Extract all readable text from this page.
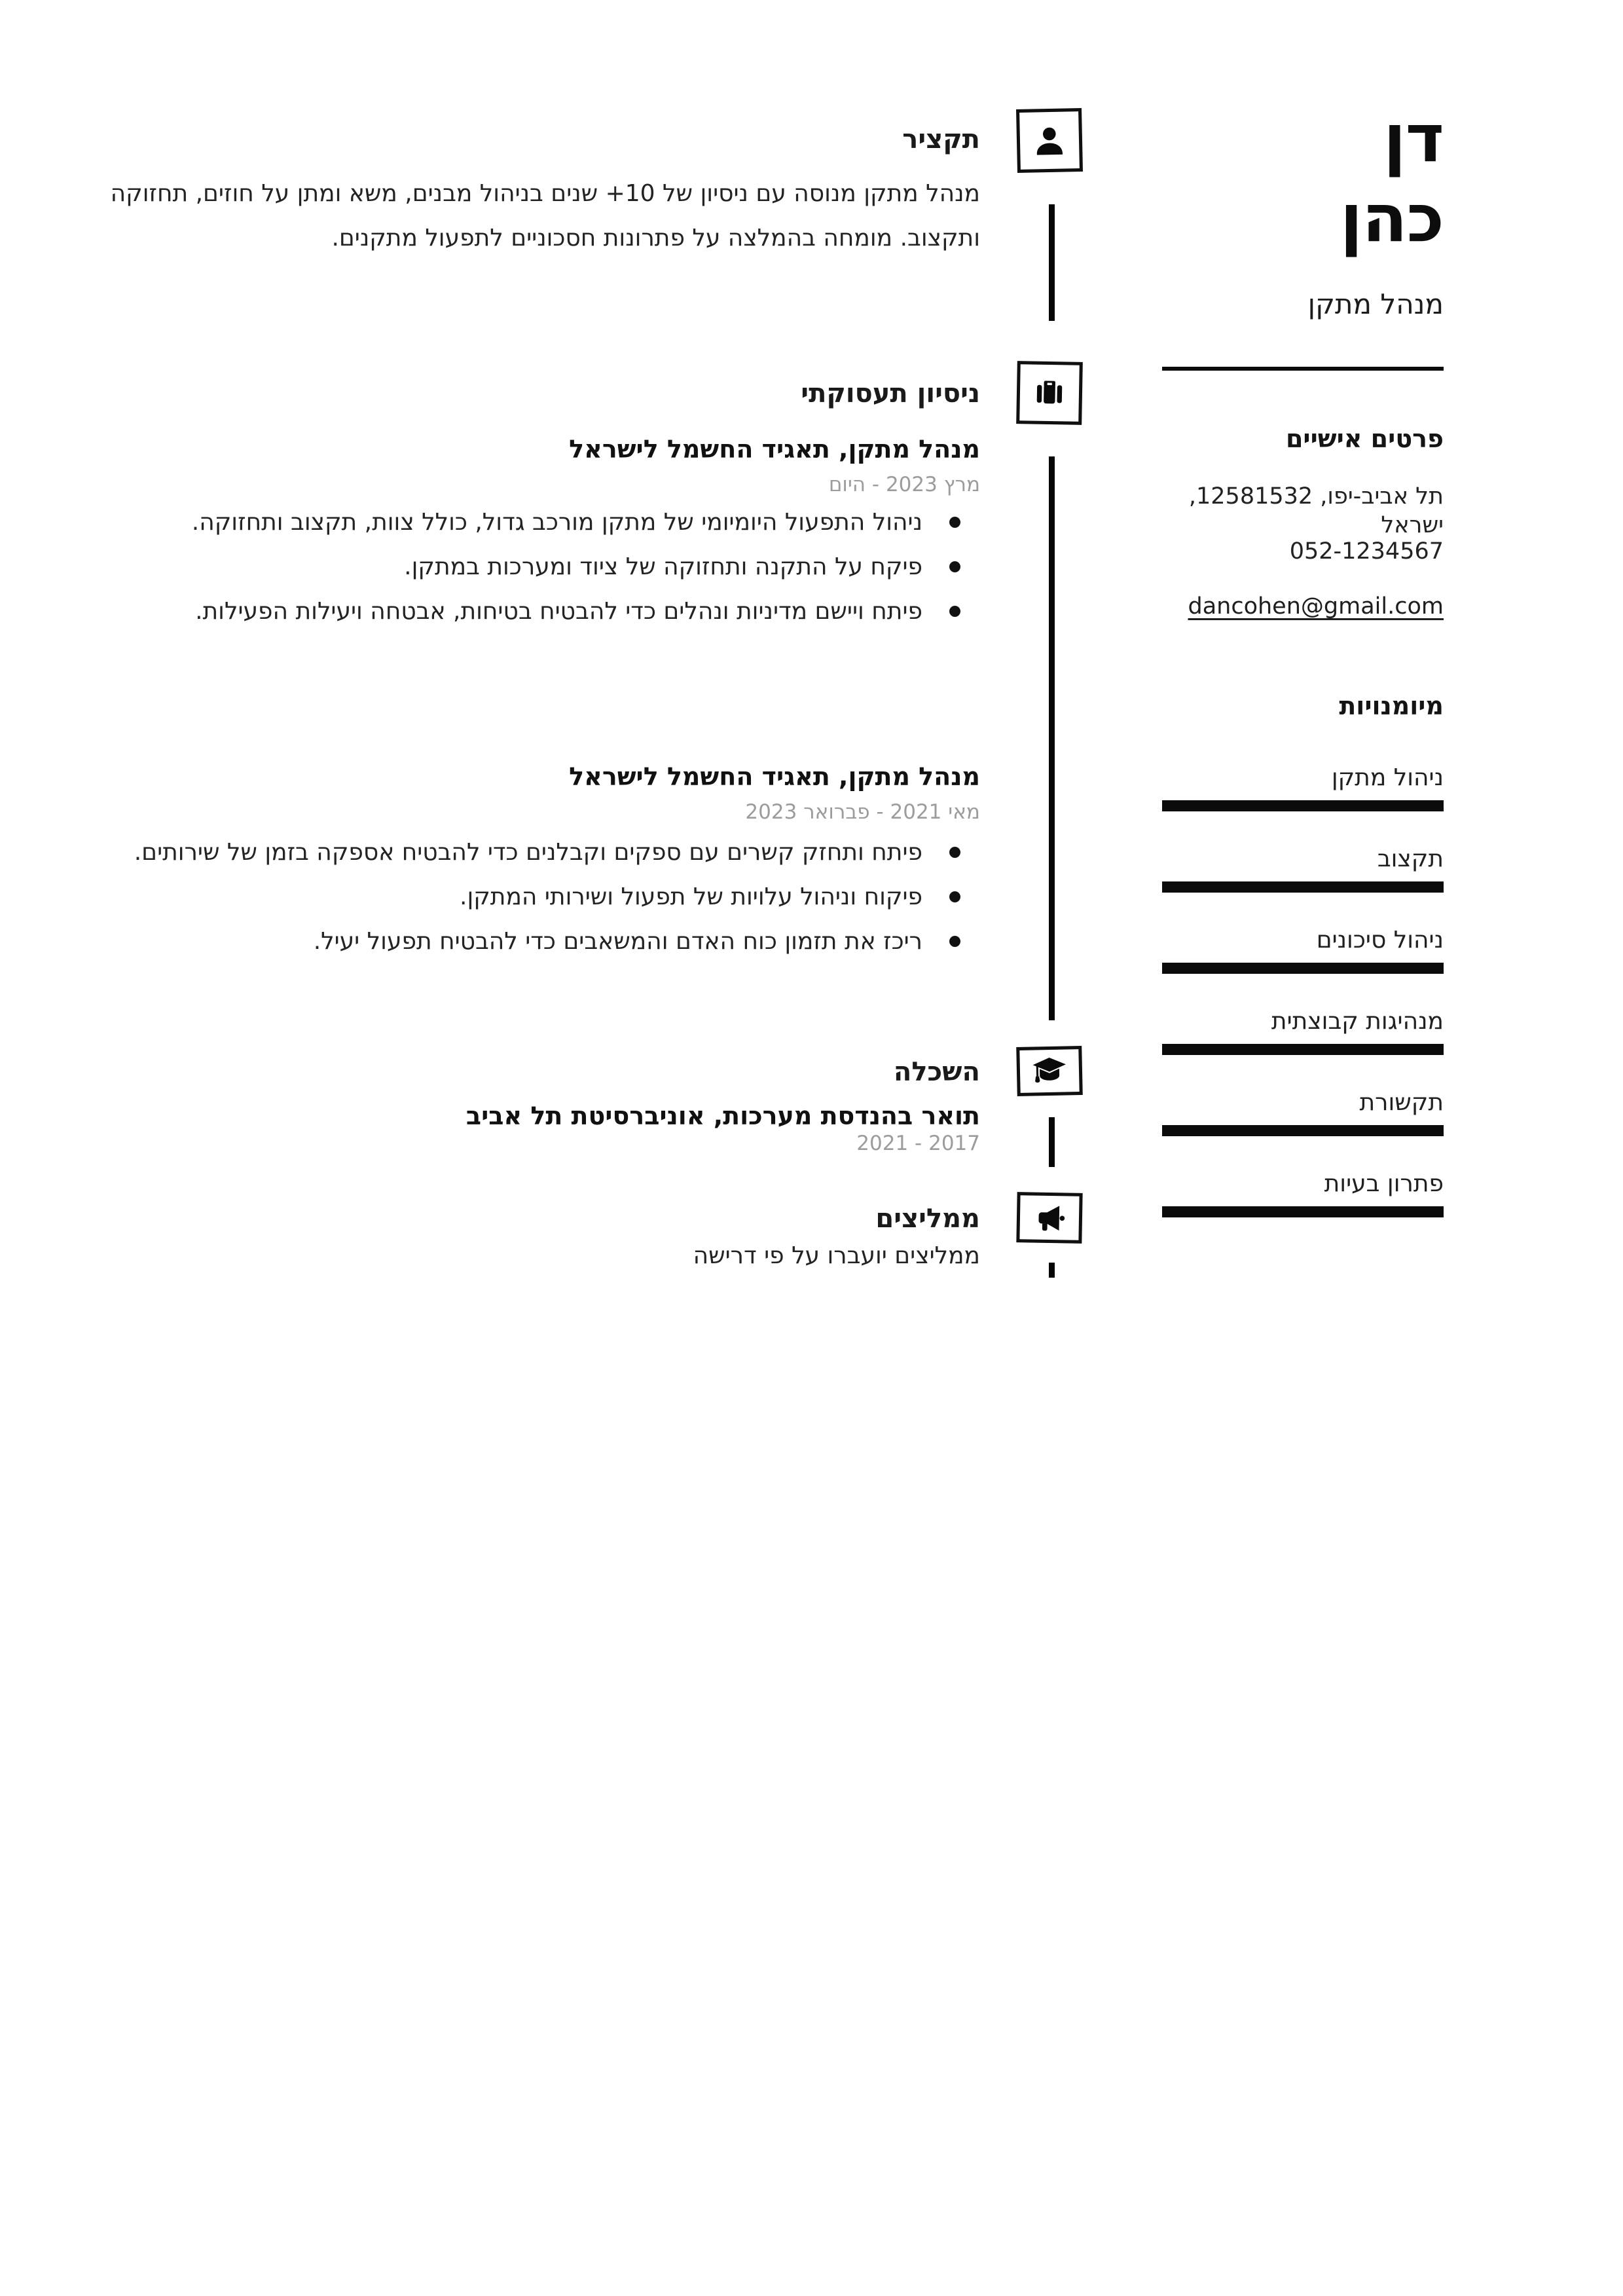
דן
כהן
מנהל מתקן
פרטים אישיים
תל אביב-יפו, 12581532, ישראל
052-1234567
dancohen@gmail.com
מיומנויות
ניהול מתקן
תקצוב
ניהול סיכונים
מנהיגות קבוצתית
תקשורת
פתרון בעיות
תקציר
מנהל מתקן מנוסה עם ניסיון של 10+ שנים בניהול מבנים, משא ומתן על חוזים, תחזוקה ותקצוב. מומחה בהמלצה על פתרונות חסכוניים לתפעול מתקנים.
ניסיון תעסוקתי
מנהל מתקן, תאגיד החשמל לישראל
מרץ 2023 - היום
ניהול התפעול היומיומי של מתקן מורכב גדול, כולל צוות, תקצוב ותחזוקה.
פיקח על התקנה ותחזוקה של ציוד ומערכות במתקן.
פיתח ויישם מדיניות ונהלים כדי להבטיח בטיחות, אבטחה ויעילות הפעילות.
מנהל מתקן, תאגיד החשמל לישראל
מאי 2021 - פברואר 2023
פיתח ותחזק קשרים עם ספקים וקבלנים כדי להבטיח אספקה בזמן של שירותים.
פיקוח וניהול עלויות של תפעול ושירותי המתקן.
ריכז את תזמון כוח האדם והמשאבים כדי להבטיח תפעול יעיל.
השכלה
תואר בהנדסת מערכות, אוניברסיטת תל אביב
2017 - 2021
ממליצים
ממליצים יועברו על פי דרישה
